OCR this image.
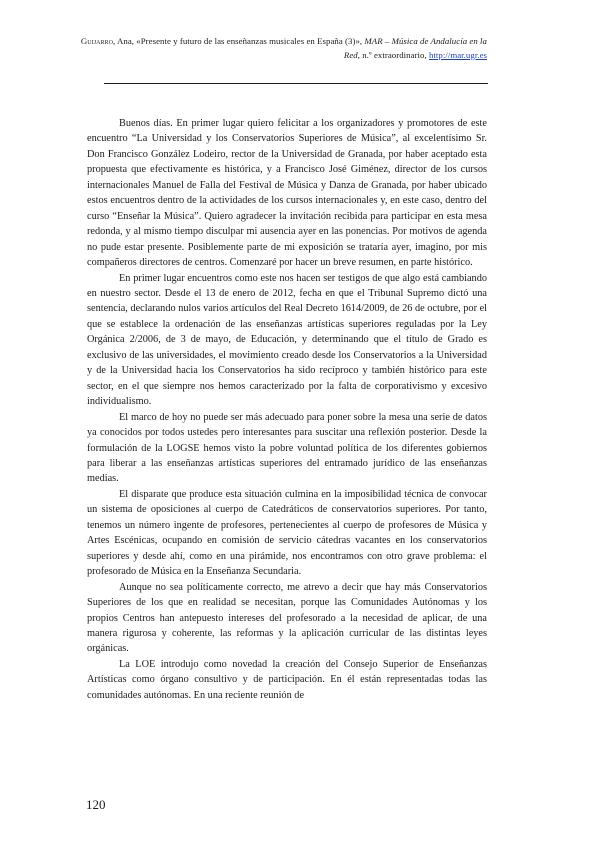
Guijarro, Ana, «Presente y futuro de las enseñanzas musicales en España (3)», MAR – Música de Andalucía en la Red, n.º extraordinario, http://mar.ugr.es

Buenos días. En primer lugar quiero felicitar a los organizadores y promotores de este encuentro “La Universidad y los Conservatorios Superiores de Música”, al excelentísimo Sr. Don Francisco González Lodeiro, rector de la Universidad de Granada, por haber aceptado esta propuesta que efectivamente es histórica, y a Francisco José Giménez, director de los cursos internacionales Manuel de Falla del Festival de Música y Danza de Granada, por haber ubicado estos encuentros dentro de la actividades de los cursos internacionales y, en este caso, dentro del curso “Enseñar la Música”. Quiero agradecer la invitación recibida para participar en esta mesa redonda, y al mismo tiempo disculpar mi ausencia ayer en las ponencias. Por motivos de agenda no pude estar presente. Posiblemente parte de mi exposición se trataría ayer, imagino, por mis compañeros directores de centros. Comenzaré por hacer un breve resumen, en parte histórico.

En primer lugar encuentros como este nos hacen ser testigos de que algo está cambiando en nuestro sector. Desde el 13 de enero de 2012, fecha en que el Tribunal Supremo dictó una sentencia, declarando nulos varios artículos del Real Decreto 1614/2009, de 26 de octubre, por el que se establece la ordenación de las enseñanzas artísticas superiores reguladas por la Ley Orgánica 2/2006, de 3 de mayo, de Educación, y determinando que el título de Grado es exclusivo de las universidades, el movimiento creado desde los Conservatorios a la Universidad y de la Universidad hacia los Conservatorios ha sido recíproco y también histórico para este sector, en el que siempre nos hemos caracterizado por la falta de corporativismo y excesivo individualismo.

El marco de hoy no puede ser más adecuado para poner sobre la mesa una serie de datos ya conocidos por todos ustedes pero interesantes para suscitar una reflexión posterior. Desde la formulación de la LOGSE hemos visto la pobre voluntad política de los diferentes gobiernos para liberar a las enseñanzas artísticas superiores del entramado jurídico de las enseñanzas medias.

El disparate que produce esta situación culmina en la imposibilidad técnica de convocar un sistema de oposiciones al cuerpo de Catedráticos de conservatorios superiores. Por tanto, tenemos un número ingente de profesores, pertenecientes al cuerpo de profesores de Música y Artes Escénicas, ocupando en comisión de servicio cátedras vacantes en los conservatorios superiores y desde ahí, como en una pirámide, nos encontramos con otro grave problema: el profesorado de Música en la Enseñanza Secundaria.

Aunque no sea políticamente correcto, me atrevo a decir que hay más Conservatorios Superiores de los que en realidad se necesitan, porque las Comunidades Autónomas y los propios Centros han antepuesto intereses del profesorado a la necesidad de aplicar, de una manera rigurosa y coherente, las reformas y la aplicación curricular de las distintas leyes orgánicas.

La LOE introdujo como novedad la creación del Consejo Superior de Enseñanzas Artísticas como órgano consultivo y de participación. En él están representadas todas las comunidades autónomas. En una reciente reunión de

120
